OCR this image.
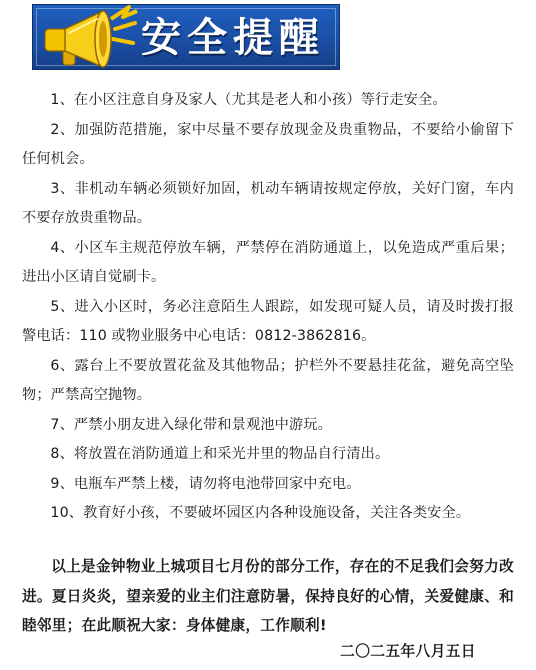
安全提醒

1、在小区注意自身及家人（尤其是老人和小孩）等行走安全。

2、加强防范措施，家中尽量不要存放现金及贵重物品，不要给小偷留下任何机会。

3、非机动车辆必须锁好加固，机动车辆请按规定停放，关好门窗，车内不要存放贵重物品。

4、小区车主规范停放车辆，严禁停在消防通道上，以免造成严重后果；进出小区请自觉刷卡。

5、进入小区时，务必注意陌生人跟踪，如发现可疑人员，请及时拨打报警电话：110 或物业服务中心电话：0812-3862816。

6、露台上不要放置花盆及其他物品；护栏外不要悬挂花盆，避免高空坠物；严禁高空抛物。

7、严禁小朋友进入绿化带和景观池中游玩。

8、将放置在消防通道上和采光井里的物品自行清出。

9、电瓶车严禁上楼，请勿将电池带回家中充电。

10、教育好小孩，不要破坏园区内各种设施设备，关注各类安全。

以上是金钟物业上城项目七月份的部分工作，存在的不足我们会努力改进。夏日炎炎，望亲爱的业主们注意防暑，保持良好的心情，关爱健康、和睦邻里；在此顺祝大家：身体健康，工作顺利!

二〇二五年八月五日
